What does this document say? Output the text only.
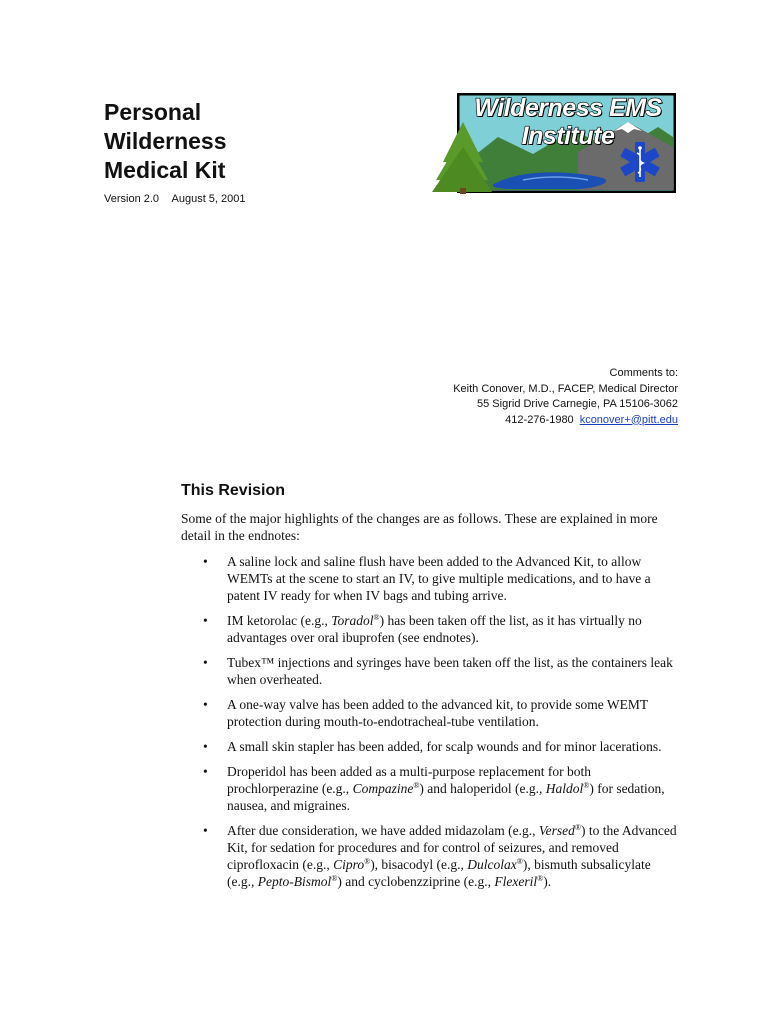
Personal
Wilderness
Medical Kit
Version 2.0 August 5, 2001
Wilderness EMS
Institute
Comments to:
Keith Conover, M.D., FACEP, Medical Director
55 Sigrid Drive Carnegie, PA 15106-3062
412-276-1980 kconover+@pitt.edu
This Revision

Some of the major highlights of the changes are as follows. These are explained in more detail in the endnotes:

• A saline lock and saline flush have been added to the Advanced Kit, to allow WEMTs at the scene to start an IV, to give multiple medications, and to have a patent IV ready for when IV bags and tubing arrive.
• IM ketorolac (e.g., Toradol®) has been taken off the list, as it has virtually no advantages over oral ibuprofen (see endnotes).
• Tubex™ injections and syringes have been taken off the list, as the containers leak when overheated.
• A one-way valve has been added to the advanced kit, to provide some WEMT protection during mouth-to-endotracheal-tube ventilation.
• A small skin stapler has been added, for scalp wounds and for minor lacerations.
• Droperidol has been added as a multi-purpose replacement for both prochlorperazine (e.g., Compazine®) and haloperidol (e.g., Haldol®) for sedation, nausea, and migraines.
• After due consideration, we have added midazolam (e.g., Versed®) to the Advanced Kit, for sedation for procedures and for control of seizures, and removed ciprofloxacin (e.g., Cipro®), bisacodyl (e.g., Dulcolax®), bismuth subsalicylate (e.g., Pepto-Bismol®) and cyclobenzziprine (e.g., Flexeril®).
